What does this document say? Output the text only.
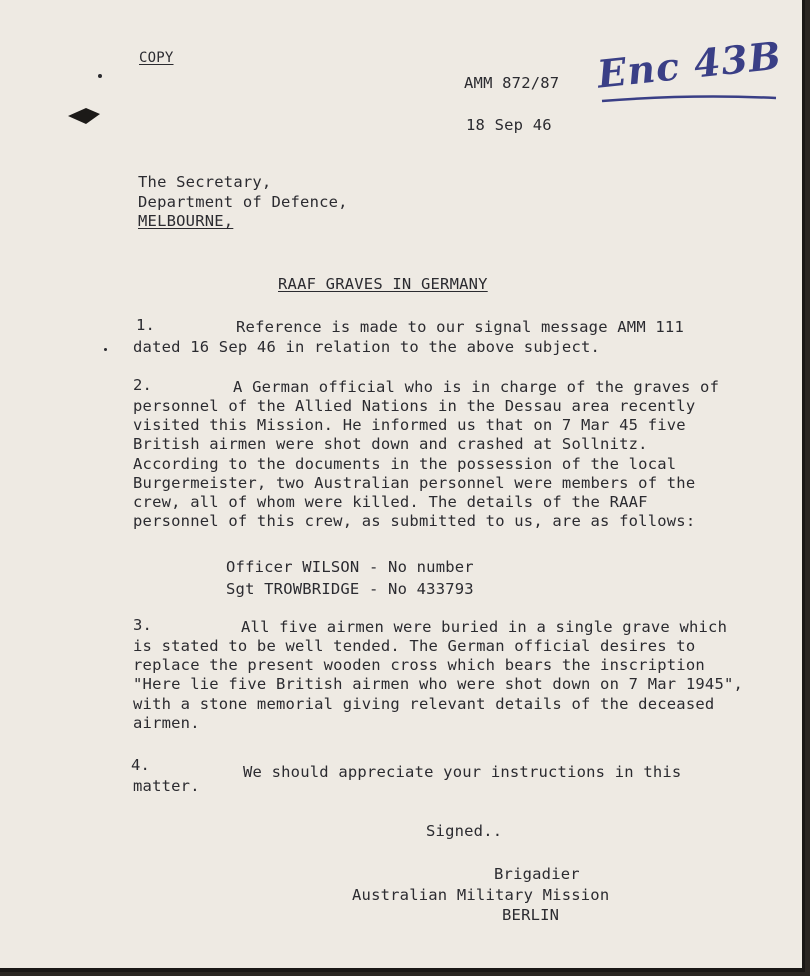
COPY
AMM 872/87 Enc 43B
18 Sep 46
The Secretary,
Department of Defence,
MELBOURNE,
RAAF GRAVES IN GERMANY
1.	Reference is made to our signal message AMM 111
dated 16 Sep 46 in relation to the above subject.
2.	A German official who is in charge of the graves of
personnel of the Allied Nations in the Dessau area recently
visited this Mission. He informed us that on 7 Mar 45 five
British airmen were shot down and crashed at Sollnitz.
According to the documents in the possession of the local
Burgermeister, two Australian personnel were members of the
crew, all of whom were killed. The details of the RAAF
personnel of this crew, as submitted to us, are as follows:
Officer WILSON - No number
Sgt TROWBRIDGE - No 433793
3.	All five airmen were buried in a single grave which
is stated to be well tended. The German official desires to
replace the present wooden cross which bears the inscription
"Here lie five British airmen who were shot down on 7 Mar 1945",
with a stone memorial giving relevant details of the deceased
airmen.
4.	We should appreciate your instructions in this
matter.
Signed..
Brigadier
Australian Military Mission
BERLIN
